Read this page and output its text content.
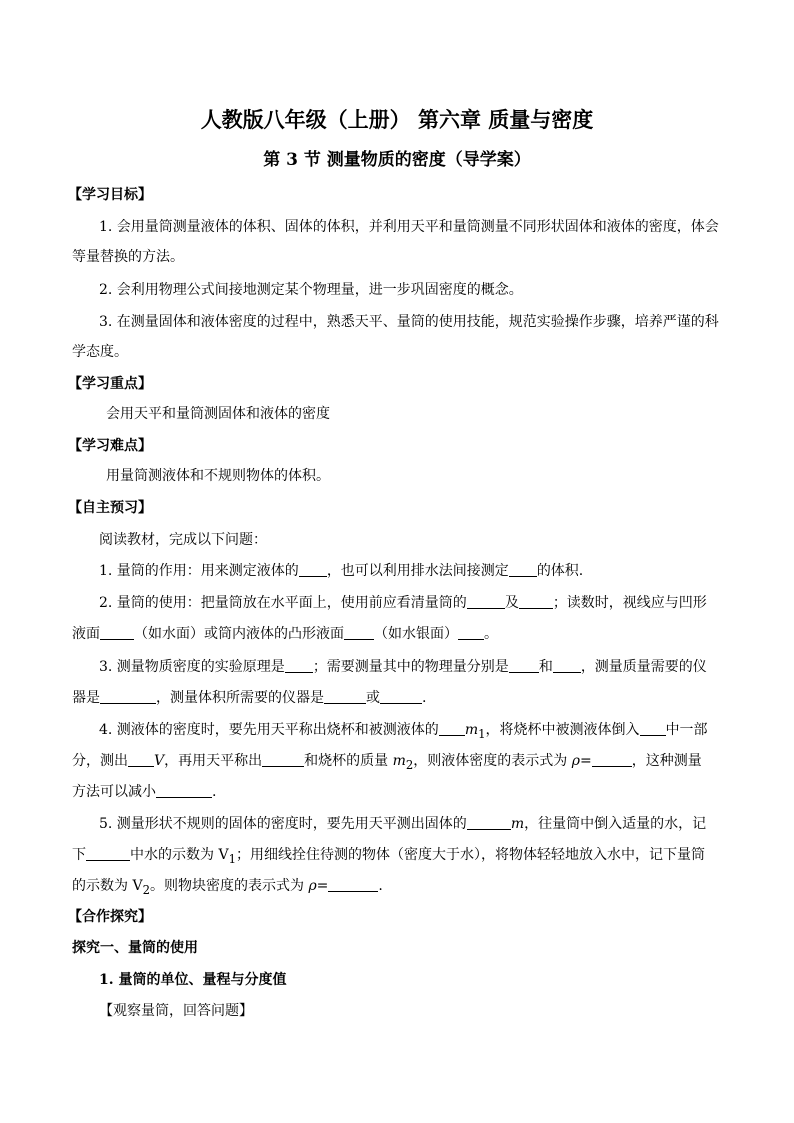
人教版八年级（上册） 第六章 质量与密度
第 3 节 测量物质的密度（导学案）
【学习目标】
1. 会用量筒测量液体的体积、固体的体积，并利用天平和量筒测量不同形状固体和液体的密度，体会
等量替换的方法。
2. 会利用物理公式间接地测定某个物理量，进一步巩固密度的概念。
3. 在测量固体和液体密度的过程中，熟悉天平、量筒的使用技能，规范实验操作步骤，培养严谨的科
学态度。
【学习重点】
会用天平和量筒测固体和液体的密度
【学习难点】
用量筒测液体和不规则物体的体积。
【自主预习】
阅读教材，完成以下问题：
1. 量筒的作用：用来测定液体的 ，也可以利用排水法间接测定 的体积.
2. 量筒的使用：把量筒放在水平面上，使用前应看清量筒的	及 ；读数时，视线应与凹形
液面 （如水面）或筒内液体的凸形液面 （如水银面） 。
3. 测量物质密度的实验原理是 ；需要测量其中的物理量分别是 和 ，测量质量需要的仪
器是	，测量体积所需要的仪器是	或	.
4. 测液体的密度时，要先用天平称出烧杯和被测液体的 $m_1$，将烧杯中被测液体倒入 中一部
分，测出 V，再用天平称出	和烧杯的质量 $m_2$，则液体密度的表示式为 ρ=	，这种测量
方法可以减小	.
5. 测量形状不规则的固体的密度时，要先用天平测出固体的	m，往量筒中倒入适量的水，记
下	中水的示数为 $V_1$；用细线拴住待测的物体（密度大于水），将物体轻轻地放入水中，记下量筒
的示数为 $V_2$。则物块密度的表示式为 ρ=	.
【合作探究】
探究一、量筒的使用
1. 量筒的单位、量程与分度值
【观察量筒，回答问题】
